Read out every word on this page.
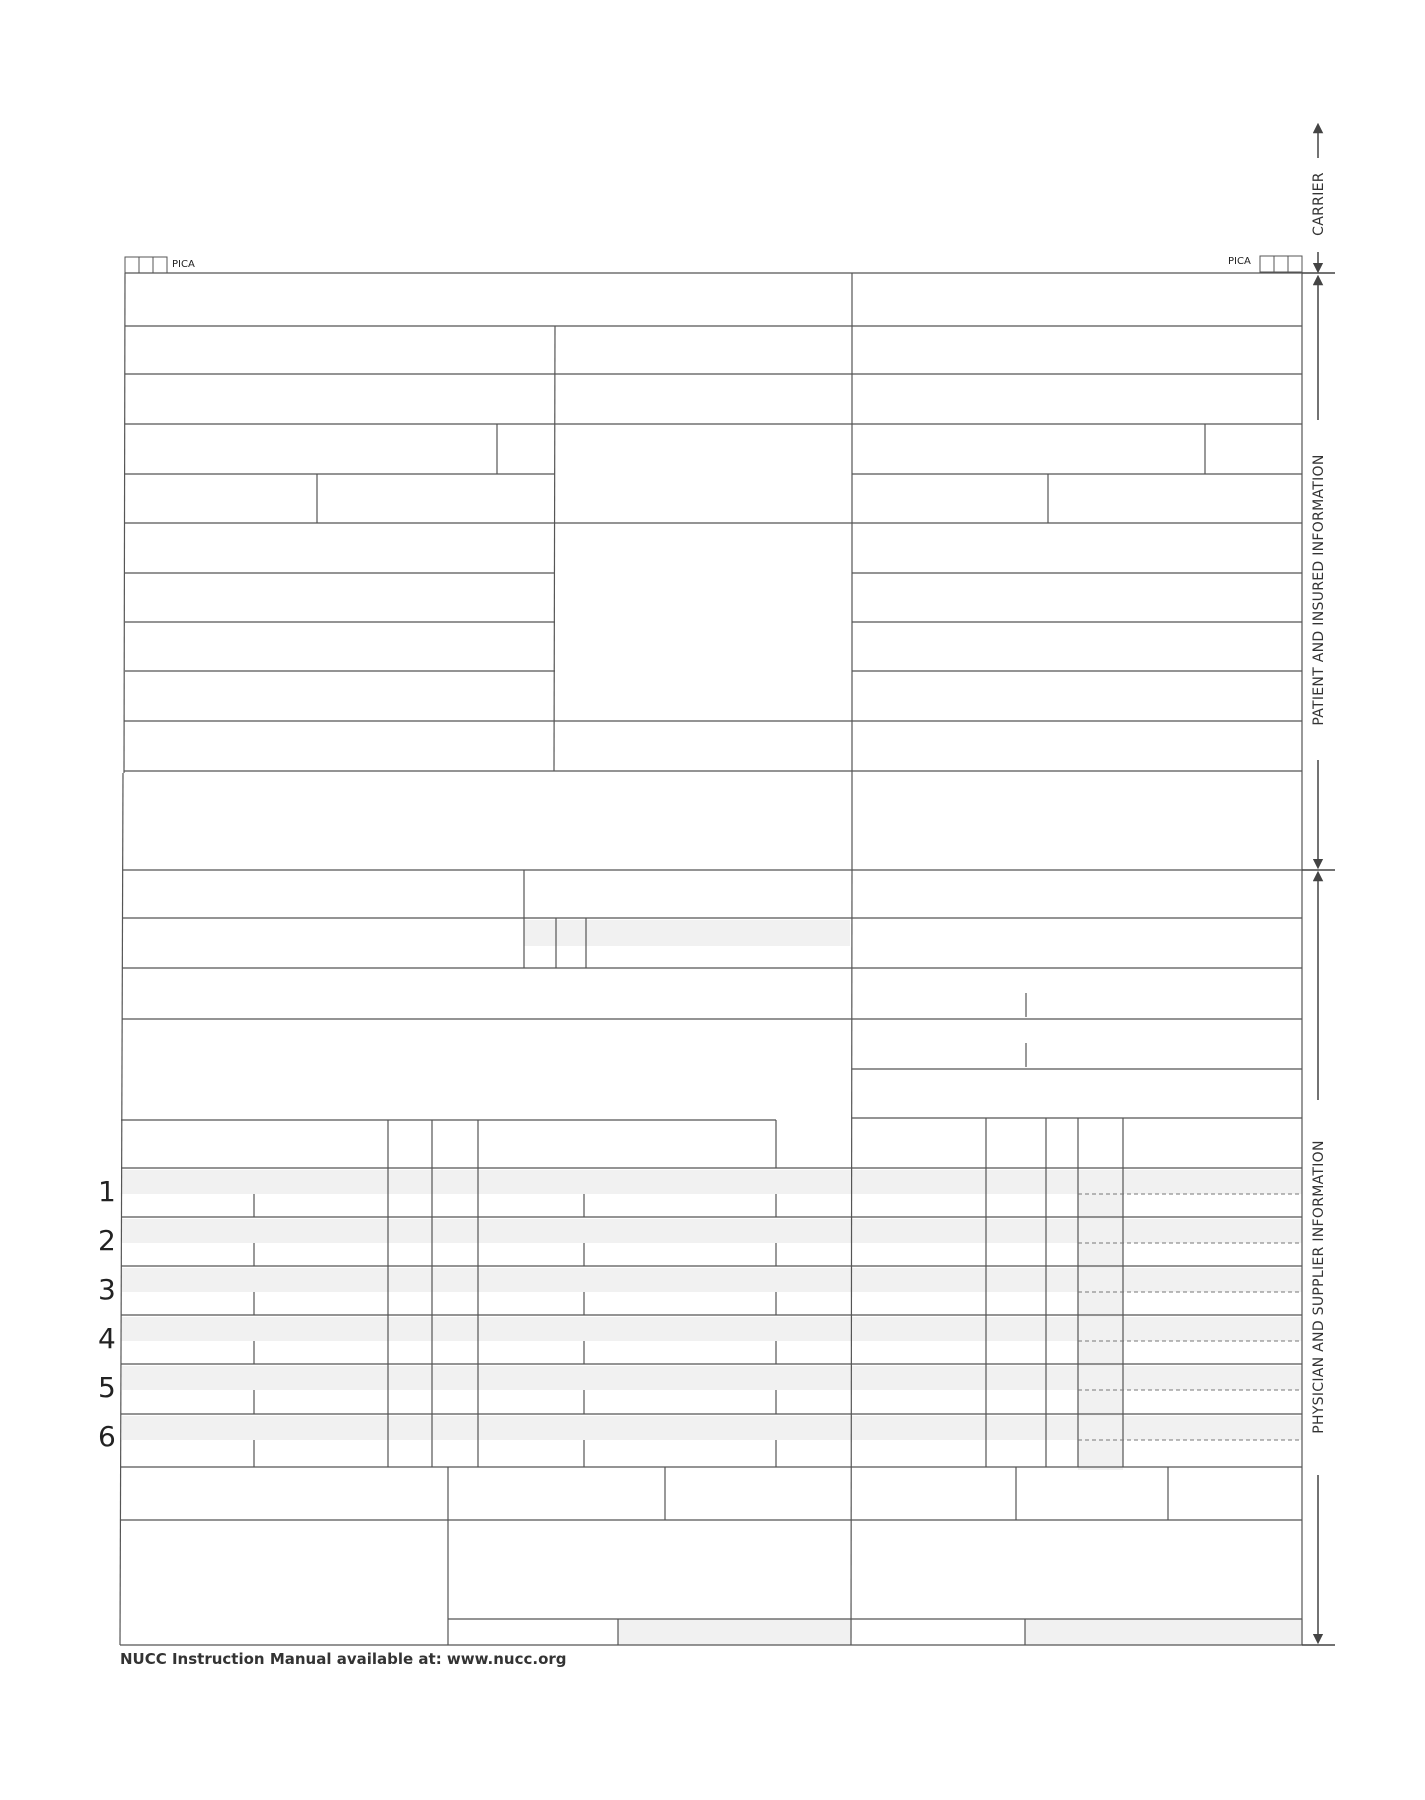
PICA	PICA
1
2
3
4
5
6
CARRIER
PATIENT AND INSURED INFORMATION
PHYSICIAN AND SUPPLIER INFORMATION
NUCC Instruction Manual available at: www.nucc.org
